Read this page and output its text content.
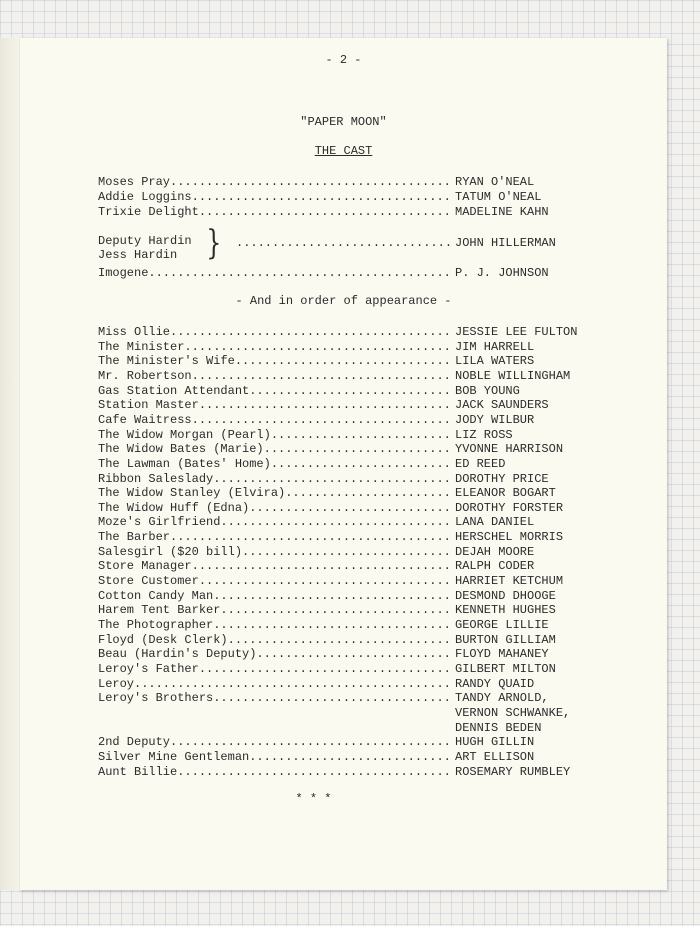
- 2 -
"PAPER MOON"
THE CAST
Deputy Hardin
Jess Hardin }
- And in order of appearance -
* * *
Moses Pray....................................... RYAN O'NEAL
Addie Loggins.................................... TATUM O'NEAL
Trixie Delight................................... MADELINE KAHN
.............................. JOHN HILLERMAN
Imogene.......................................... P. J. JOHNSON
Miss Ollie....................................... JESSIE LEE FULTON
The Minister..................................... JIM HARRELL
The Minister's Wife.............................. LILA WATERS
Mr. Robertson.................................... NOBLE WILLINGHAM
Gas Station Attendant............................ BOB YOUNG
Station Master................................... JACK SAUNDERS
Cafe Waitress.................................... JODY WILBUR
The Widow Morgan (Pearl)......................... LIZ ROSS
The Widow Bates (Marie).......................... YVONNE HARRISON
The Lawman (Bates' Home)......................... ED REED
Ribbon Saleslady................................. DOROTHY PRICE
The Widow Stanley (Elvira)....................... ELEANOR BOGART
The Widow Huff (Edna)............................ DOROTHY FORSTER
Moze's Girlfriend................................ LANA DANIEL
The Barber....................................... HERSCHEL MORRIS
Salesgirl ($20 bill)............................. DEJAH MOORE
Store Manager.................................... RALPH CODER
Store Customer................................... HARRIET KETCHUM
Cotton Candy Man................................. DESMOND DHOOGE
Harem Tent Barker................................ KENNETH HUGHES
The Photographer................................. GEORGE LILLIE
Floyd (Desk Clerk)............................... BURTON GILLIAM
Beau (Hardin's Deputy)........................... FLOYD MAHANEY
Leroy's Father................................... GILBERT MILTON
Leroy............................................ RANDY QUAID
Leroy's Brothers................................. TANDY ARNOLD,
VERNON SCHWANKE,
DENNIS BEDEN
2nd Deputy....................................... HUGH GILLIN
Silver Mine Gentleman............................ ART ELLISON
Aunt Billie...................................... ROSEMARY RUMBLEY
